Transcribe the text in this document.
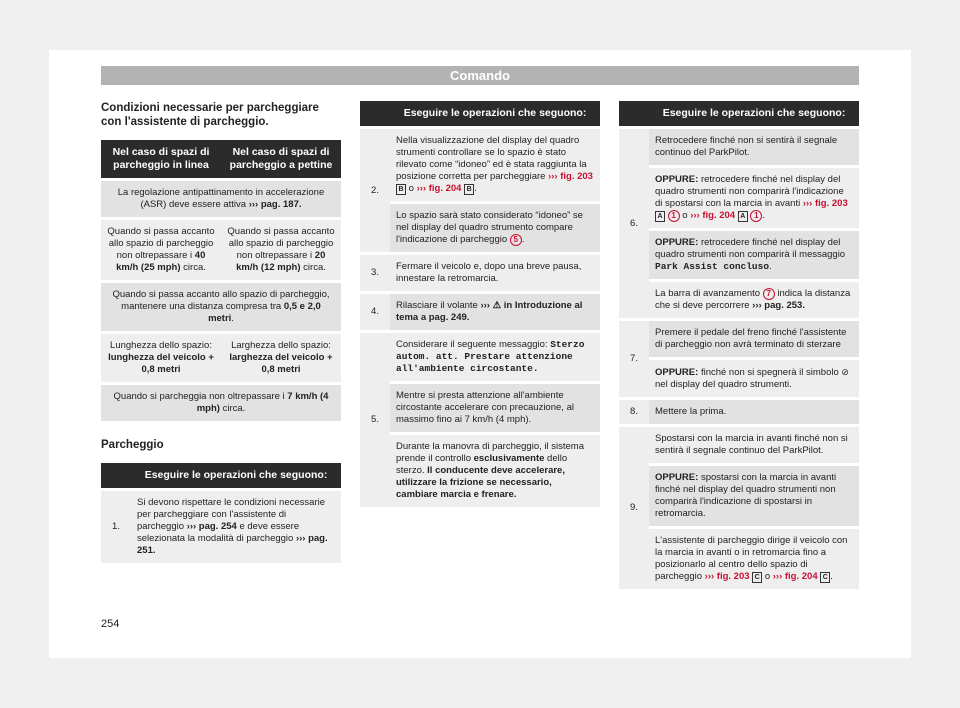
Comando
Condizioni necessarie per parcheggiare con l'assistente di parcheggio.
Nel caso di spazi di parcheggio in linea	Nel caso di spazi di parcheggio a pettine
La regolazione antipattinamento in accelerazione (ASR) deve essere attiva ››› pag. 187.	
Quando si passa accanto allo spazio di parcheggio non oltrepassare i 40 km/h (25 mph) circa.	Quando si passa accanto allo spazio di parcheggio non oltrepassare i 20 km/h (12 mph) circa.
Quando si passa accanto allo spazio di parcheggio, mantenere una distanza compresa tra 0,5 e 2,0 metri.	
Lunghezza dello spazio: lunghezza del veicolo + 0,8 metri	Larghezza dello spazio: larghezza del veicolo + 0,8 metri
Quando si parcheggia non oltrepassare i 7 km/h (4 mph) circa.	
Parcheggio
	Eseguire le operazioni che seguono:
1.	Si devono rispettare le condizioni necessarie per parcheggiare con l'assistente di parcheggio ››› pag. 254 e deve essere selezionata la modalità di parcheggio ››› pag. 251.
	Eseguire le operazioni che seguono:
2.	Nella visualizzazione del display del quadro strumenti controllare se lo spazio è stato rilevato come “idoneo” ed è stata raggiunta la posizione corretta per parcheggiare ››› fig. 203 B o ››› fig. 204 B .
	Lo spazio sarà stato considerato “idoneo” se nel display del quadro strumento compare l'indicazione di parcheggio 5 .
3.	Fermare il veicolo e, dopo una breve pausa, innestare la retromarcia.
4.	Rilasciare il volante ››› ⚠ in Introduzione al tema a pag. 249.
5.	Considerare il seguente messaggio: Sterzo autom. att. Prestare attenzione all'ambiente circostante.
	Mentre si presta attenzione all'ambiente circostante accelerare con precauzione, al massimo fino ai 7 km/h (4 mph).
	Durante la manovra di parcheggio, il sistema prende il controllo esclusivamente dello sterzo. Il conducente deve accelerare, utilizzare la frizione se necessario, cambiare marcia e frenare.
	Eseguire le operazioni che seguono:
6.	Retrocedere finché non si sentirà il segnale continuo del ParkPilot.
	OPPURE: retrocedere finché nel display del quadro strumenti non comparirà l'indicazione di spostarsi con la marcia in avanti ››› fig. 203 A 1 o ››› fig. 204 A 1 .
	OPPURE: retrocedere finché nel display del quadro strumenti non comparirà il messaggio Park Assist concluso.
	La barra di avanzamento 7 indica la distanza che si deve percorrere ››› pag. 253.
7.	Premere il pedale del freno finché l'assistente di parcheggio non avrà terminato di sterzare
	OPPURE: finché non si spegnerà il simbolo ⊘ nel display del quadro strumenti.
8.	Mettere la prima.
9.	Spostarsi con la marcia in avanti finché non si sentirà il segnale continuo del ParkPilot.
	OPPURE: spostarsi con la marcia in avanti finché nel display del quadro strumenti non comparirà l'indicazione di spostarsi in retromarcia.
	L'assistente di parcheggio dirige il veicolo con la marcia in avanti o in retromarcia fino a posizionarlo al centro dello spazio di parcheggio ››› fig. 203 C o ››› fig. 204 C .
254
